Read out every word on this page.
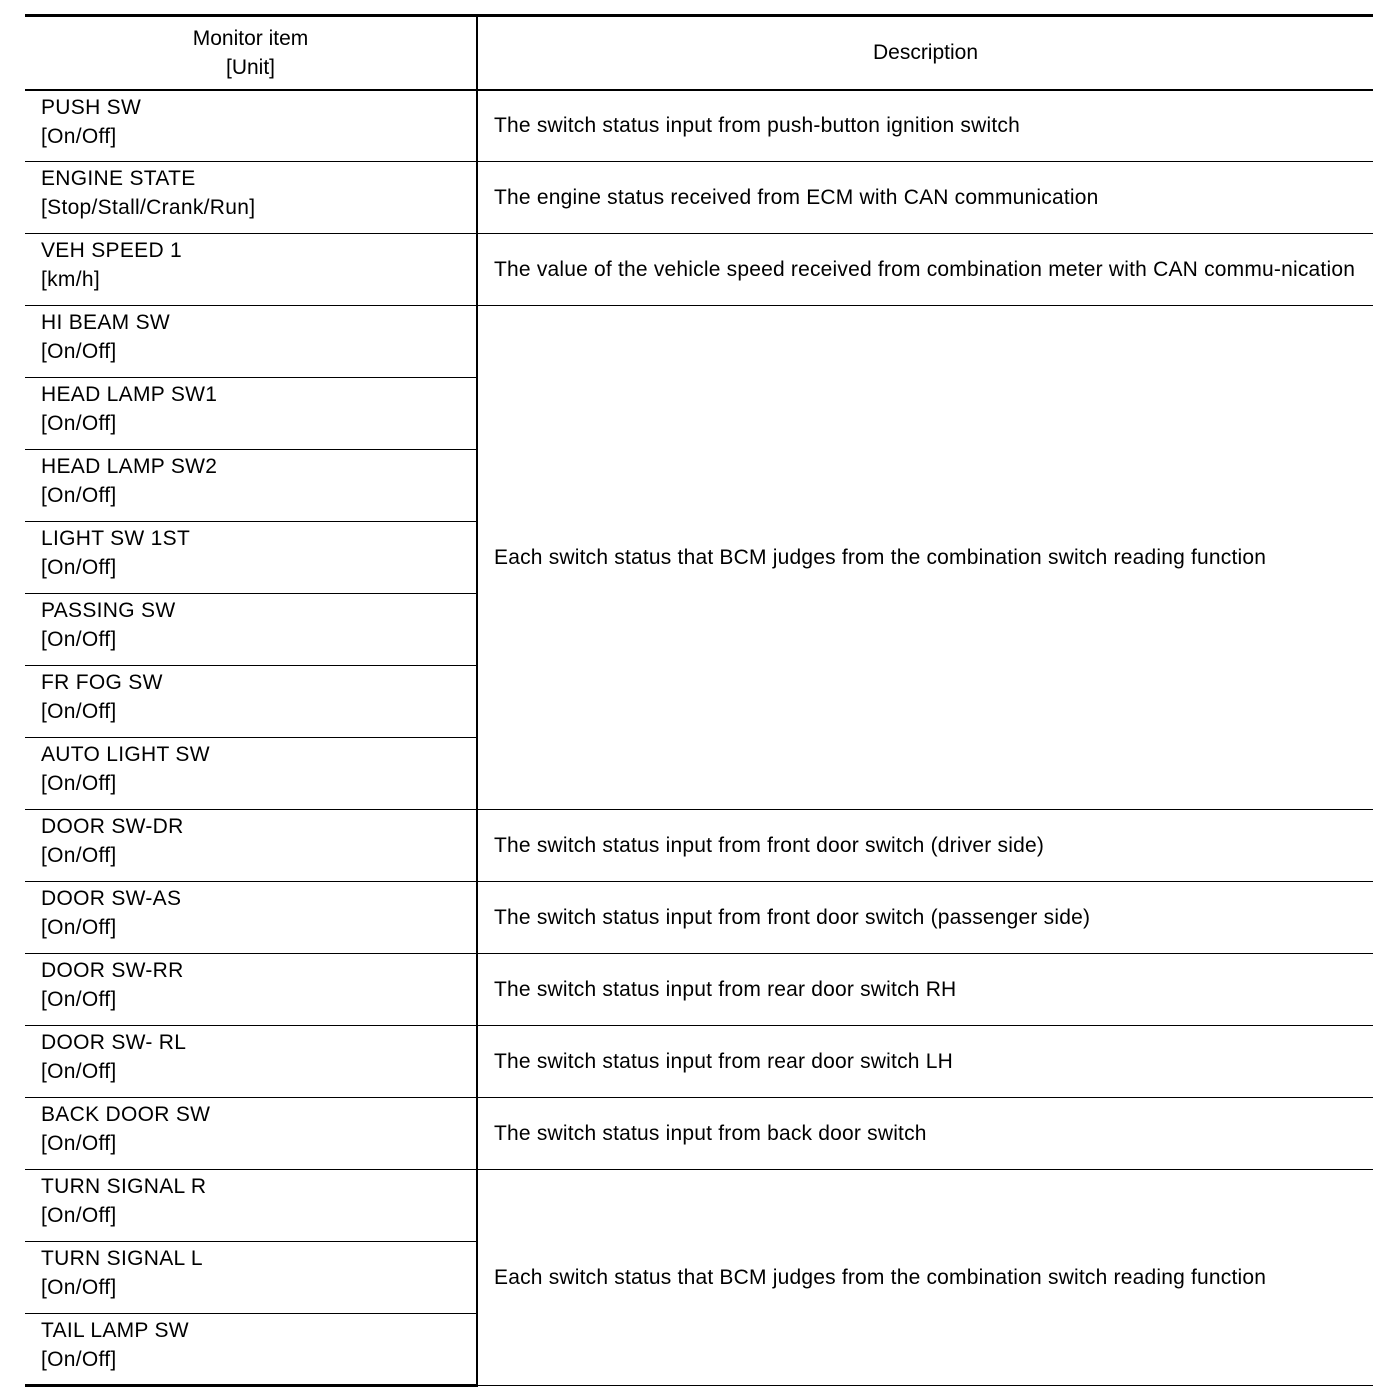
Monitor item
[Unit]	Description

PUSH SW
[On/Off]	The switch status input from push-button ignition switch

ENGINE STATE
[Stop/Stall/Crank/Run]	The engine status received from ECM with CAN communication

VEH SPEED 1
[km/h]	The value of the vehicle speed received from combination meter with CAN commu-nication

HI BEAM SW
[On/Off]	Each switch status that BCM judges from the combination switch reading function

HEAD LAMP SW1
[On/Off]	

HEAD LAMP SW2
[On/Off]	

LIGHT SW 1ST
[On/Off]	

PASSING SW
[On/Off]	

FR FOG SW
[On/Off]	

AUTO LIGHT SW
[On/Off]	

DOOR SW-DR
[On/Off]	The switch status input from front door switch (driver side)

DOOR SW-AS
[On/Off]	The switch status input from front door switch (passenger side)

DOOR SW-RR
[On/Off]	The switch status input from rear door switch RH

DOOR SW- RL
[On/Off]	The switch status input from rear door switch LH

BACK DOOR SW
[On/Off]	The switch status input from back door switch

TURN SIGNAL R
[On/Off]	Each switch status that BCM judges from the combination switch reading function

TURN SIGNAL L
[On/Off]	

TAIL LAMP SW
[On/Off]	
